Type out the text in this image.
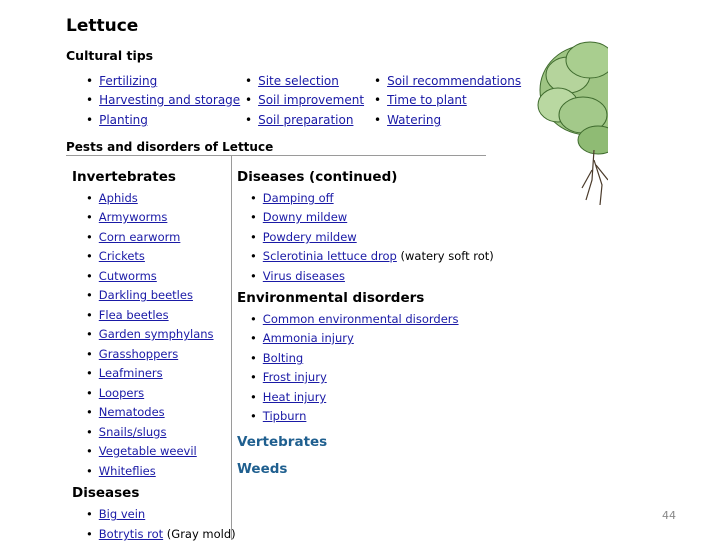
Lettuce
Cultural tips
• Fertilizing
• Harvesting and storage
• Planting
• Site selection
• Soil improvement
• Soil preparation
• Soil recommendations
• Time to plant
• Watering
Pests and disorders of Lettuce
Invertebrates
• Aphids
• Armyworms
• Corn earworm
• Crickets
• Cutworms
• Darkling beetles
• Flea beetles
• Garden symphylans
• Grasshoppers
• Leafminers
• Loopers
• Nematodes
• Snails/slugs
• Vegetable weevil
• Whiteflies
Diseases
• Big vein
• Botrytis rot (Gray mold)
Diseases (continued)
• Damping off
• Downy mildew
• Powdery mildew
• Sclerotinia lettuce drop (watery soft rot)
• Virus diseases
Environmental disorders
• Common environmental disorders
• Ammonia injury
• Bolting
• Frost injury
• Heat injury
• Tipburn
Vertebrates
Weeds
44
